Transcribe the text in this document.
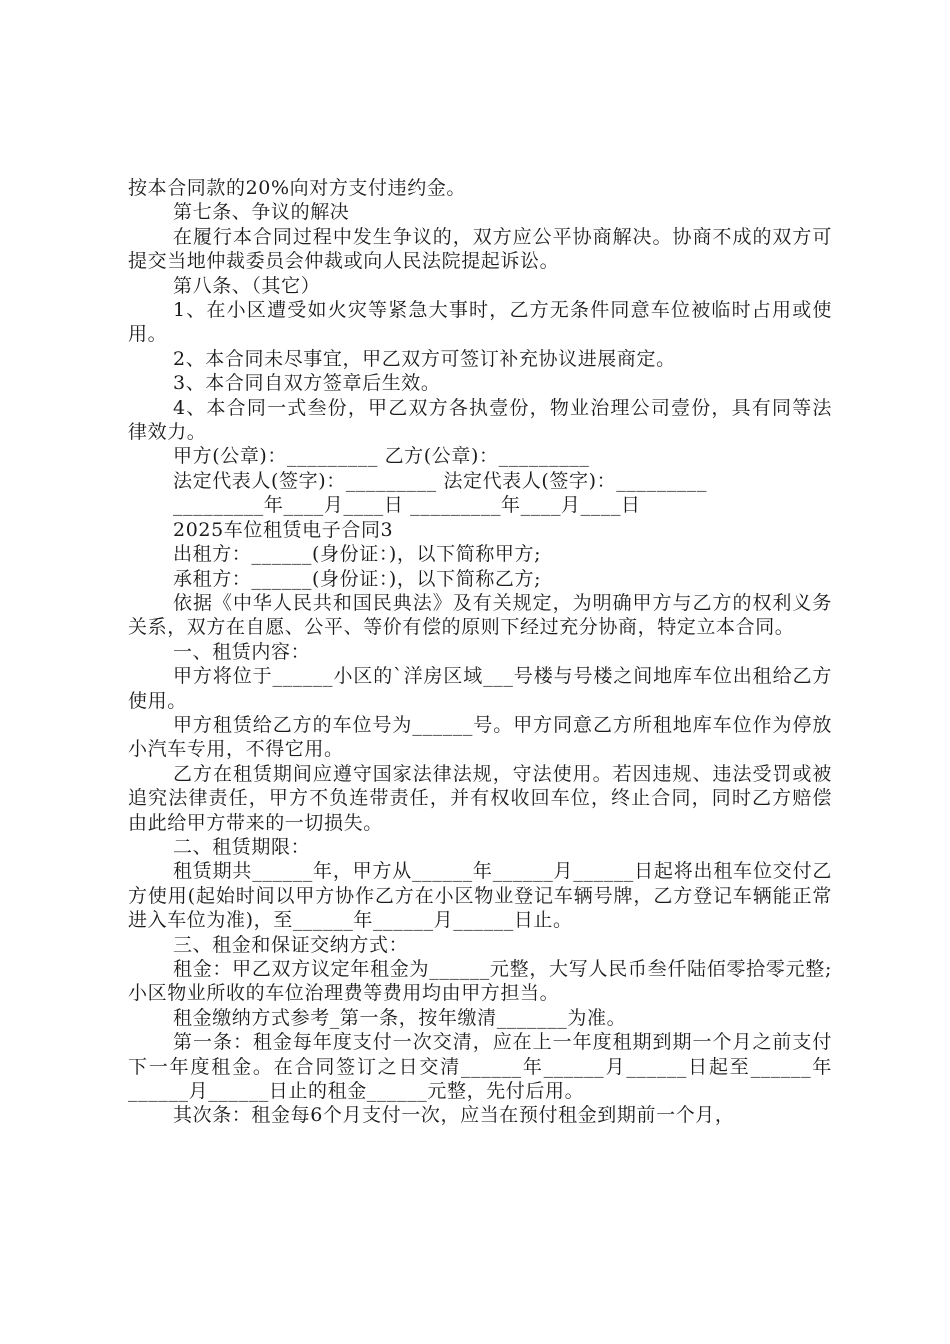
按本合同款的20%向对方支付违约金。

第七条、争议的解决

在履行本合同过程中发生争议的，双方应公平协商解决。协商不成的双方可提交当地仲裁委员会仲裁或向人民法院提起诉讼。

第八条、（其它）

1、在小区遭受如火灾等紧急大事时，乙方无条件同意车位被临时占用或使用。

2、本合同未尽事宜，甲乙双方可签订补充协议进展商定。

3、本合同自双方签章后生效。

4、本合同一式叁份，甲乙双方各执壹份，物业治理公司壹份，具有同等法律效力。

甲方(公章)：_________ 乙方(公章)：_________

法定代表人(签字)：_________ 法定代表人(签字)：_________

_________年____月____日 _________年____月____日

2025车位租赁电子合同3

出租方：______(身份证：)，以下简称甲方;

承租方：______(身份证：)，以下简称乙方;

依据《中华人民共和国民典法》及有关规定，为明确甲方与乙方的权利义务关系，双方在自愿、公平、等价有偿的原则下经过充分协商，特定立本合同。

一、租赁内容：

甲方将位于______小区的`洋房区域___号楼与号楼之间地库车位出租给乙方使用。

甲方租赁给乙方的车位号为______号。甲方同意乙方所租地库车位作为停放小汽车专用，不得它用。

乙方在租赁期间应遵守国家法律法规，守法使用。若因违规、违法受罚或被追究法律责任，甲方不负连带责任，并有权收回车位，终止合同，同时乙方赔偿由此给甲方带来的一切损失。

二、租赁期限：

租赁期共______年，甲方从______年______月______日起将出租车位交付乙方使用(起始时间以甲方协作乙方在小区物业登记车辆号牌，乙方登记车辆能正常进入车位为准)，至______年______月______日止。

三、租金和保证交纳方式：

租金：甲乙双方议定年租金为______元整，大写人民币叁仟陆佰零拾零元整;小区物业所收的车位治理费等费用均由甲方担当。

租金缴纳方式参考_第一条，按年缴清_______为准。

第一条：租金每年度支付一次交清，应在上一年度租期到期一个月之前支付下一年度租金。在合同签订之日交清______年______月______日起至______年______月______日止的租金______元整，先付后用。

其次条：租金每6个月支付一次，应当在预付租金到期前一个月，
